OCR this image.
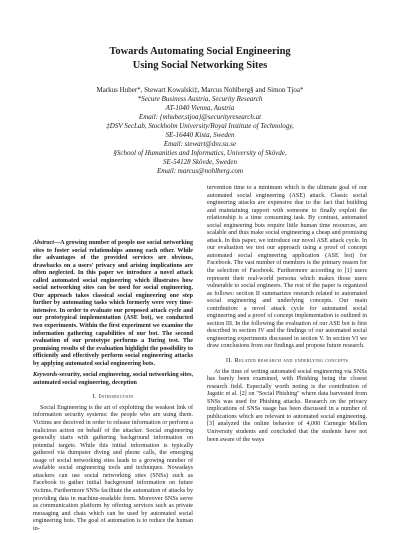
Towards Automating Social Engineering
Using Social Networking Sites
Markus Huber*, Stewart Kowalski‡, Marcus Nohlberg§ and Simon Tjoa*
*Secure Business Austria, Security Research
AT-1040 Vienna, Austria
Email: {mhuber,stjoa}@securityresearch.at
‡DSV SecLab, Stockholm University/Royal Institute of Technology,
SE-16440 Kista, Sweden
Email: stewart@dsv.su.se
§School of Humanities and Informatics, University of Skövde,
SE-54128 Skövde, Sweden
Email: marcus@nohlberg.com

Abstract—A growing number of people use social networking sites to foster social relationships among each other. While the advantages of the provided services are obvious, drawbacks on a users' privacy and arising implications are often neglected. In this paper we introduce a novel attack called automated social engineering which illustrates how social networking sites can be used for social engineering. Our approach takes classical social engineering one step further by automating tasks which formerly were very time-intensive. In order to evaluate our proposed attack cycle and our prototypical implementation (ASE bot), we conducted two experiments. Within the first experiment we examine the information gathering capabilities of our bot. The second evaluation of our prototype performs a Turing test. The promising results of the evaluation highlight the possibility to efficiently and effectively perform social engineering attacks by applying automated social engineering bots.

Keywords-security, social engineering, social networking sites, automated social engineering, deception

I. Introduction

Social Engineering is the art of exploiting the weakest link of information security systems: the people who are using them. Victims are deceived in order to release information or perform a malicious action on behalf of the attacker. Social engineering generally starts with gathering background information on potential targets. While this initial information is typically gathered via dumpster diving and phone calls, the emerging usage of social networking sites leads to a growing number of available social engineering tools and techniques. Nowadays attackers can use social networking sites (SNSs) such as Facebook to gather initial background information on future victims. Furthermore SNSs facilitate the automation of attacks by providing data in machine-readable form. Moreover SNSs serve as communication platform by offering services such as private messaging and chats which can be used by automated social engineering bots. The goal of automation is to reduce the human in-

tervention time to a minimum which is the ultimate goal of our automated social engineering (ASE) attack. Classic social engineering attacks are expensive due to the fact that building and maintaining rapport with someone to finally exploit the relationship is a time consuming task. By contrast, automated social engineering bots require little human time resources, are scalable and thus make social engineering a cheap and promising attack. In this paper, we introduce our novel ASE attack cycle. In our evaluation we test our approach using a proof of concept automated social engineering application (ASE bot) for Facebook. The vast number of members is the primary reason for the selection of Facebook. Furthermore according to [1] users represent their real-world persona which makes those users vulnerable to social engineers. The rest of the paper is organized as follows: section II summarizes research related to automated social engineering and underlying concepts. Our main contribution: a novel attack cycle for automated social engineering and a proof of concept implementation is outlined in section III. In the following the evaluation of our ASE bot is first described in section IV and the findings of our automated social engineering experiments discussed in section V. In section VI we draw conclusions from our findings and propose future research.

II. Related research and underlying concepts

At the time of writing automated social engineering via SNSs has barely been examined, with Phishing being the closest research field. Especially worth noting is the contribution of Jagatic et al. [2] on "Social Phishing" where data harvested from SNSs was used for Phishing attacks. Research on the privacy implications of SNSs usage has been discussed in a number of publications which are relevant to automated social engineering. [3] analyzed the online behavior of 4,000 Carnegie Mellon University students and concluded that the students have not been aware of the ways
